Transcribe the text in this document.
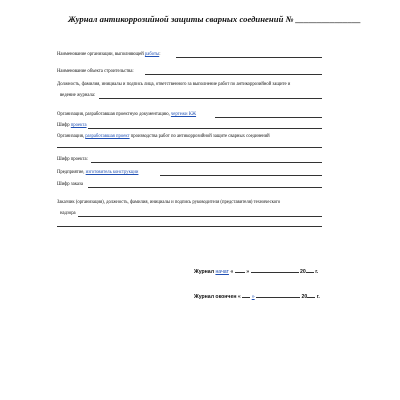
Журнал антикоррозийной защиты сварных соединений № _______________
Наименование организации, выполняющей работы:
Наименование объекта строительства:
Должность, фамилия, инициалы и подпись лица, ответственного за выполнение работ по антикоррозийной защите и
ведение журнала:
Организация, разработавшая проектную документацию, чертежи КЖ
Шифр проекта
Организация, разработавшая проект производства работ по антикоррозийной защите сварных соединений
Шифр проекта:
Предприятие, изготовитель конструкции
Шифр заказа
Заказчик (организация), должность, фамилия, инициалы и подпись руководителя (представителя) технического
надзора
Журнал начат « »	20 г.
Журнал окончен « »	20 г.
